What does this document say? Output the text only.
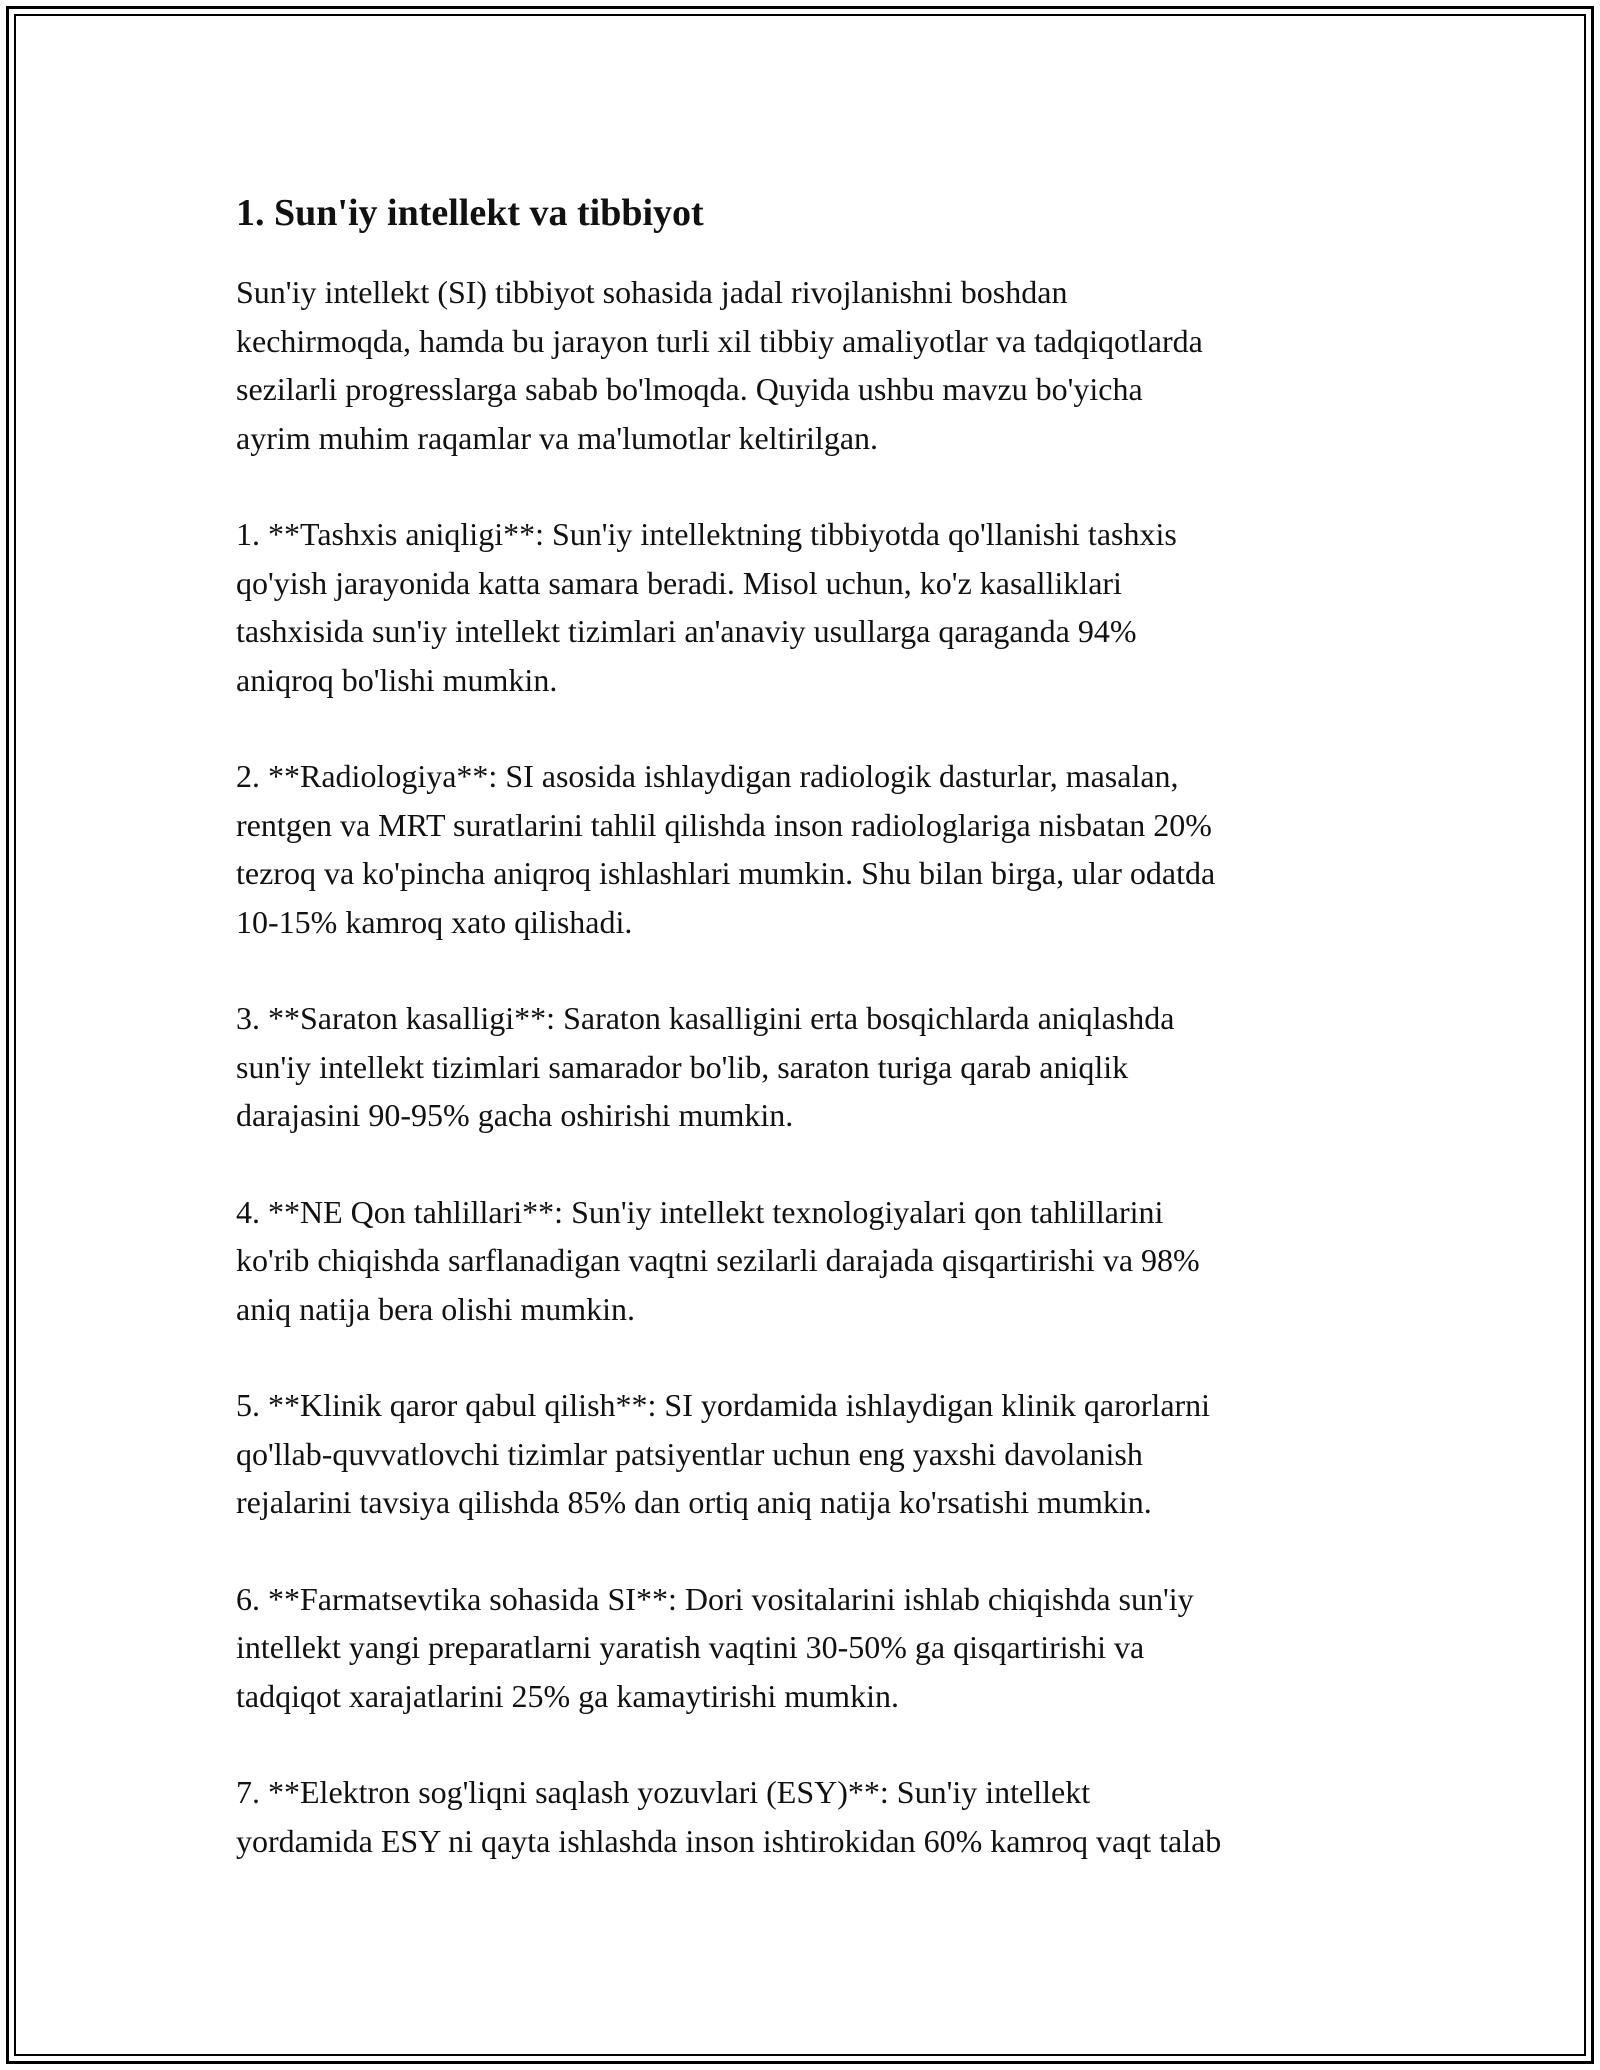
1. Sun'iy intellekt va tibbiyot

Sun'iy intellekt (SI) tibbiyot sohasida jadal rivojlanishni boshdan
kechirmoqda, hamda bu jarayon turli xil tibbiy amaliyotlar va tadqiqotlarda
sezilarli progresslarga sabab bo'lmoqda. Quyida ushbu mavzu bo'yicha
ayrim muhim raqamlar va ma'lumotlar keltirilgan.

1. **Tashxis aniqligi**: Sun'iy intellektning tibbiyotda qo'llanishi tashxis
qo'yish jarayonida katta samara beradi. Misol uchun, ko'z kasalliklari
tashxisida sun'iy intellekt tizimlari an'anaviy usullarga qaraganda 94%
aniqroq bo'lishi mumkin.

2. **Radiologiya**: SI asosida ishlaydigan radiologik dasturlar, masalan,
rentgen va MRT suratlarini tahlil qilishda inson radiologlariga nisbatan 20%
tezroq va ko'pincha aniqroq ishlashlari mumkin. Shu bilan birga, ular odatda
10-15% kamroq xato qilishadi.

3. **Saraton kasalligi**: Saraton kasalligini erta bosqichlarda aniqlashda
sun'iy intellekt tizimlari samarador bo'lib, saraton turiga qarab aniqlik
darajasini 90-95% gacha oshirishi mumkin.

4. **NE Qon tahlillari**: Sun'iy intellekt texnologiyalari qon tahlillarini
ko'rib chiqishda sarflanadigan vaqtni sezilarli darajada qisqartirishi va 98%
aniq natija bera olishi mumkin.

5. **Klinik qaror qabul qilish**: SI yordamida ishlaydigan klinik qarorlarni
qo'llab-quvvatlovchi tizimlar patsiyentlar uchun eng yaxshi davolanish
rejalarini tavsiya qilishda 85% dan ortiq aniq natija ko'rsatishi mumkin.

6. **Farmatsevtika sohasida SI**: Dori vositalarini ishlab chiqishda sun'iy
intellekt yangi preparatlarni yaratish vaqtini 30-50% ga qisqartirishi va
tadqiqot xarajatlarini 25% ga kamaytirishi mumkin.

7. **Elektron sog'liqni saqlash yozuvlari (ESY)**: Sun'iy intellekt
yordamida ESY ni qayta ishlashda inson ishtirokidan 60% kamroq vaqt talab
